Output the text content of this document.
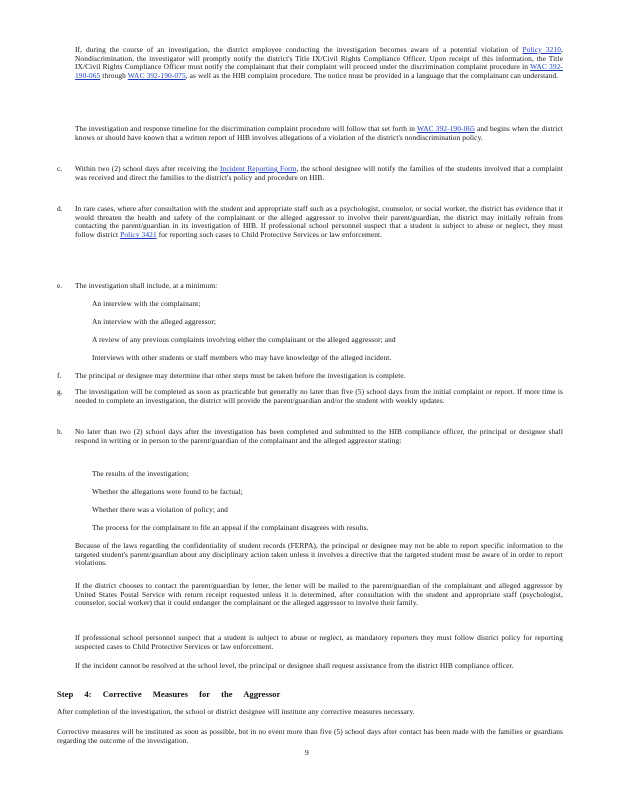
If, during the course of an investigation, the district employee conducting the investigation becomes aware of a potential violation of Policy 3210, Nondiscrimination, the investigator will promptly notify the district's Title IX/Civil Rights Compliance Officer. Upon receipt of this information, the Title IX/Civil Rights Compliance Officer must notify the complainant that their complaint will proceed under the discrimination complaint procedure in WAC 392-190-065 through WAC 392-190-075, as well as the HIB complaint procedure. The notice must be provided in a language that the complainant can understand.
The investigation and response timeline for the discrimination complaint procedure will follow that set forth in WAC 392-190-065 and begins when the district knows or should have known that a written report of HIB involves allegations of a violation of the district's nondiscrimination policy.
c. Within two (2) school days after receiving the Incident Reporting Form, the school designee will notify the families of the students involved that a complaint was received and direct the families to the district's policy and procedure on HIB.
d. In rare cases, where after consultation with the student and appropriate staff such as a psychologist, counselor, or social worker, the district has evidence that it would threaten the health and safety of the complainant or the alleged aggressor to involve their parent/guardian, the district may initially refrain from contacting the parent/guardian in its investigation of HIB. If professional school personnel suspect that a student is subject to abuse or neglect, they must follow district Policy 3421 for reporting such cases to Child Protective Services or law enforcement.
e. The investigation shall include, at a minimum:
An interview with the complainant;
An interview with the alleged aggressor;
A review of any previous complaints involving either the complainant or the alleged aggressor; and
Interviews with other students or staff members who may have knowledge of the alleged incident.
f. The principal or designee may determine that other steps must be taken before the investigation is complete.
g. The investigation will be completed as soon as practicable but generally no later than five (5) school days from the initial complaint or report. If more time is needed to complete an investigation, the district will provide the parent/guardian and/or the student with weekly updates.
h. No later than two (2) school days after the investigation has been completed and submitted to the HIB compliance officer, the principal or designee shall respond in writing or in person to the parent/guardian of the complainant and the alleged aggressor stating:
The results of the investigation;
Whether the allegations were found to be factual;
Whether there was a violation of policy; and
The process for the complainant to file an appeal if the complainant disagrees with results.
Because of the laws regarding the confidentiality of student records (FERPA), the principal or designee may not be able to report specific information to the targeted student's parent/guardian about any disciplinary action taken unless it involves a directive that the targeted student must be aware of in order to report violations.
If the district chooses to contact the parent/guardian by letter, the letter will be mailed to the parent/guardian of the complainant and alleged aggressor by United States Postal Service with return receipt requested unless it is determined, after consultation with the student and appropriate staff (psychologist, counselor, social worker) that it could endanger the complainant or the alleged aggressor to involve their family.
If professional school personnel suspect that a student is subject to abuse or neglect, as mandatory reporters they must follow district policy for reporting suspected cases to Child Protective Services or law enforcement.
If the incident cannot be resolved at the school level, the principal or designee shall request assistance from the district HIB compliance officer.
Step 4: Corrective Measures for the Aggressor
After completion of the investigation, the school or district designee will institute any corrective measures necessary.
Corrective measures will be instituted as soon as possible, but in no event more than five (5) school days after contact has been made with the families or guardians regarding the outcome of the investigation.
9
